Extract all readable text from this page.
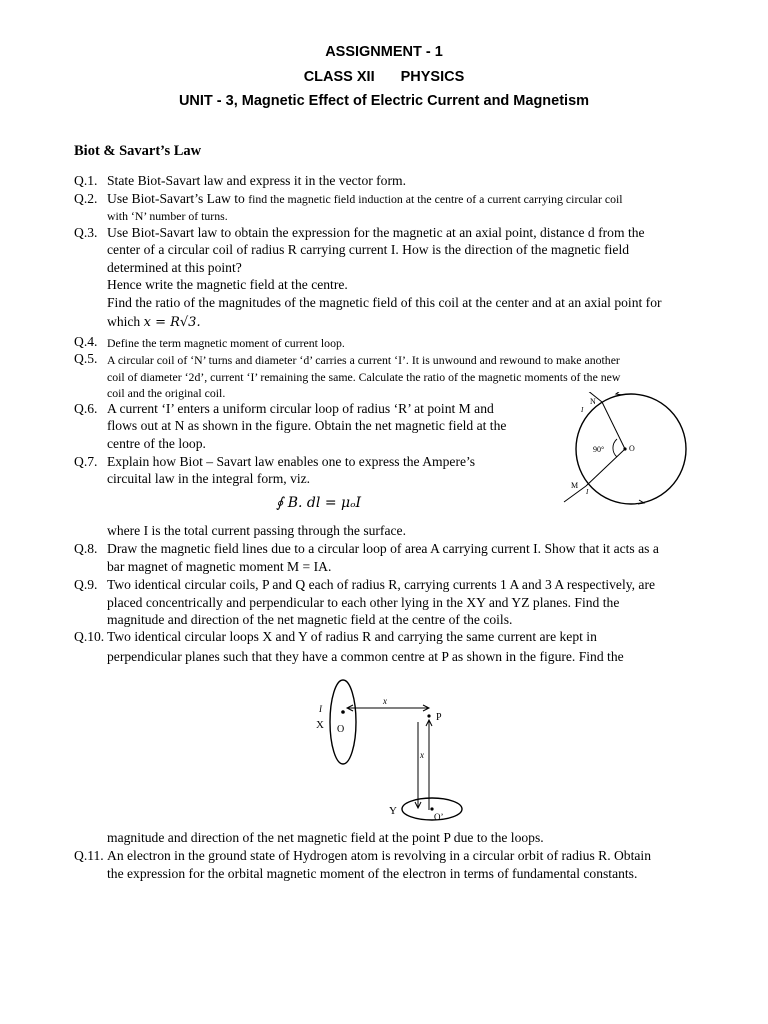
ASSIGNMENT - 1
CLASS XII PHYSICS
UNIT - 3, Magnetic Effect of Electric Current and Magnetism
Biot & Savart’s Law
Q.1. State Biot-Savart law and express it in the vector form.
Q.2. Use Biot-Savart’s Law to find the magnetic field induction at the centre of a current carrying circular coil
with ‘N’ number of turns.
Q.3. Use Biot-Savart law to obtain the expression for the magnetic at an axial point, distance d from the
center of a circular coil of radius R carrying current I. How is the direction of the magnetic field
determined at this point?
Hence write the magnetic field at the centre.
Find the ratio of the magnitudes of the magnetic field of this coil at the center and at an axial point for
which x = R√3.
Q.4. Define the term magnetic moment of current loop.
Q.5. A circular coil of ‘N’ turns and diameter ‘d’ carries a current ‘I’. It is unwound and rewound to make another
coil of diameter ‘2d’, current ‘I’ remaining the same. Calculate the ratio of the magnetic moments of the new
coil and the original coil.
Q.6. A current ‘I’ enters a uniform circular loop of radius ‘R’ at point M and
flows out at N as shown in the figure. Obtain the net magnetic field at the
centre of the loop.
Q.7. Explain how Biot – Savart law enables one to express the Ampere’s
circuital law in the integral form, viz.
∮ B. dl = μₒI
where I is the total current passing through the surface.
Q.8. Draw the magnetic field lines due to a circular loop of area A carrying current I. Show that it acts as a
bar magnet of magnetic moment M = IA.
Q.9. Two identical circular coils, P and Q each of radius R, carrying currents 1 A and 3 A respectively, are
placed concentrically and perpendicular to each other lying in the XY and YZ planes. Find the
magnitude and direction of the net magnetic field at the centre of the coils.
Q.10. Two identical circular loops X and Y of radius R and carrying the same current are kept in
perpendicular planes such that they have a common centre at P as shown in the figure. Find the
magnitude and direction of the net magnetic field at the point P due to the loops.
Q.11. An electron in the ground state of Hydrogen atom is revolving in a circular orbit of radius R. Obtain
the expression for the orbital magnetic moment of the electron in terms of fundamental constants.
N
I
M
I
O
90°
I
X O
x
P
x
Y	O’
